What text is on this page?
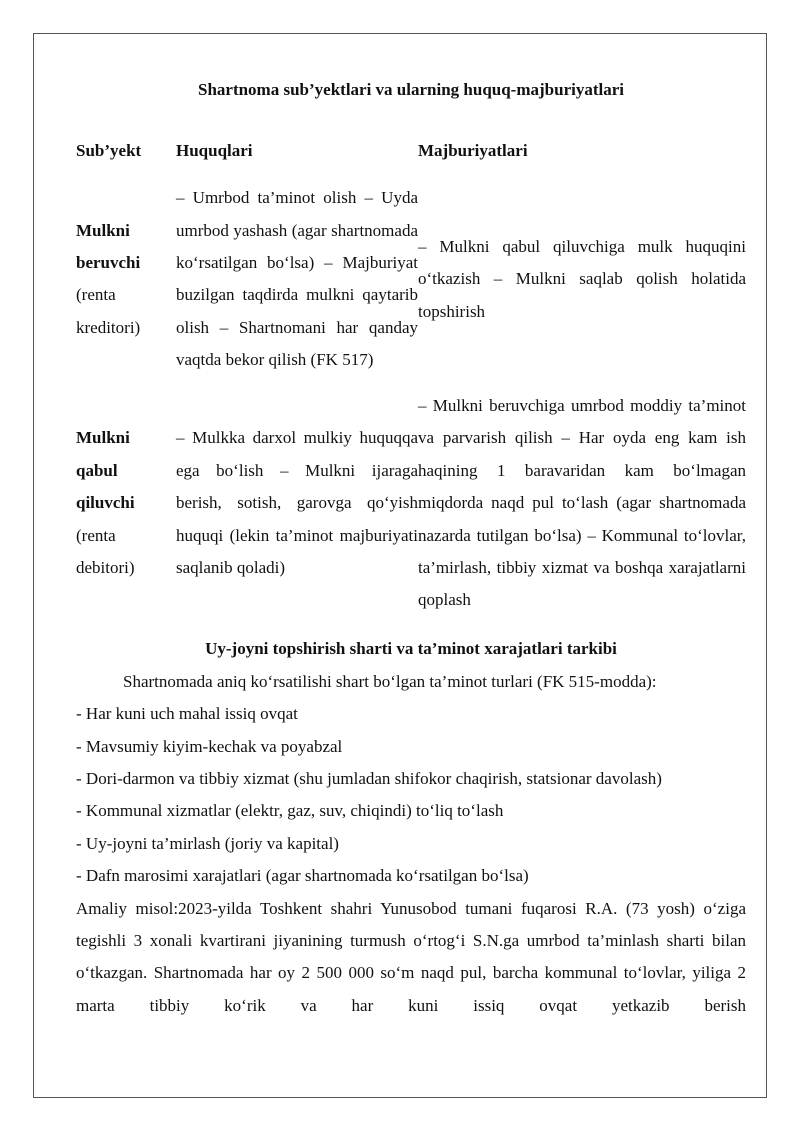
Shartnoma sub’yektlari va ularning huquq-majburiyatlari

Sub’yekt	Huquqlari	Majburiyatlari
Mulkni
beruvchi
(renta
kreditori)
– Umrbod ta’minot olish – Uyda umrbod yashash (agar shartnomada ko‘rsatilgan bo‘lsa) – Majburiyat buzilgan taqdirda mulkni qaytarib olish – Shartnomani har qanday vaqtda bekor qilish (FK 517)
– Mulkni qabul qiluvchiga mulk huquqini o‘tkazish – Mulkni saqlab qolish holatida topshirish
Mulkni
qabul
qiluvchi
(renta
debitori)
– Mulkka darxol mulkiy huquqqa ega bo‘lish – Mulkni ijaraga berish, sotish, garovga qo‘yish huquqi (lekin ta’minot majburiyati saqlanib qoladi)
– Mulkni beruvchiga umrbod moddiy ta’minot va parvarish qilish – Har oyda eng kam ish haqining 1 baravaridan kam bo‘lmagan miqdorda naqd pul to‘lash (agar shartnomada nazarda tutilgan bo‘lsa) – Kommunal to‘lovlar, ta’mirlash, tibbiy xizmat va boshqa xarajatlarni qoplash

Uy-joyni topshirish sharti va ta’minot xarajatlari tarkibi

Shartnomada aniq ko‘rsatilishi shart bo‘lgan ta’minot turlari (FK 515-modda):
- Har kuni uch mahal issiq ovqat
- Mavsumiy kiyim-kechak va poyabzal
- Dori-darmon va tibbiy xizmat (shu jumladan shifokor chaqirish, statsionar davolash)
- Kommunal xizmatlar (elektr, gaz, suv, chiqindi) to‘liq to‘lash
- Uy-joyni ta’mirlash (joriy va kapital)
- Dafn marosimi xarajatlari (agar shartnomada ko‘rsatilgan bo‘lsa)
Amaliy misol:2023-yilda Toshkent shahri Yunusobod tumani fuqarosi R.A. (73 yosh) o‘ziga tegishli 3 xonali kvartirani jiyanining turmush o‘rtog‘i S.N.ga umrbod ta’minlash sharti bilan o‘tkazgan. Shartnomada har oy 2 500 000 so‘m naqd pul, barcha kommunal to‘lovlar, yiliga 2 marta tibbiy ko‘rik va har kuni issiq ovqat yetkazib berish
